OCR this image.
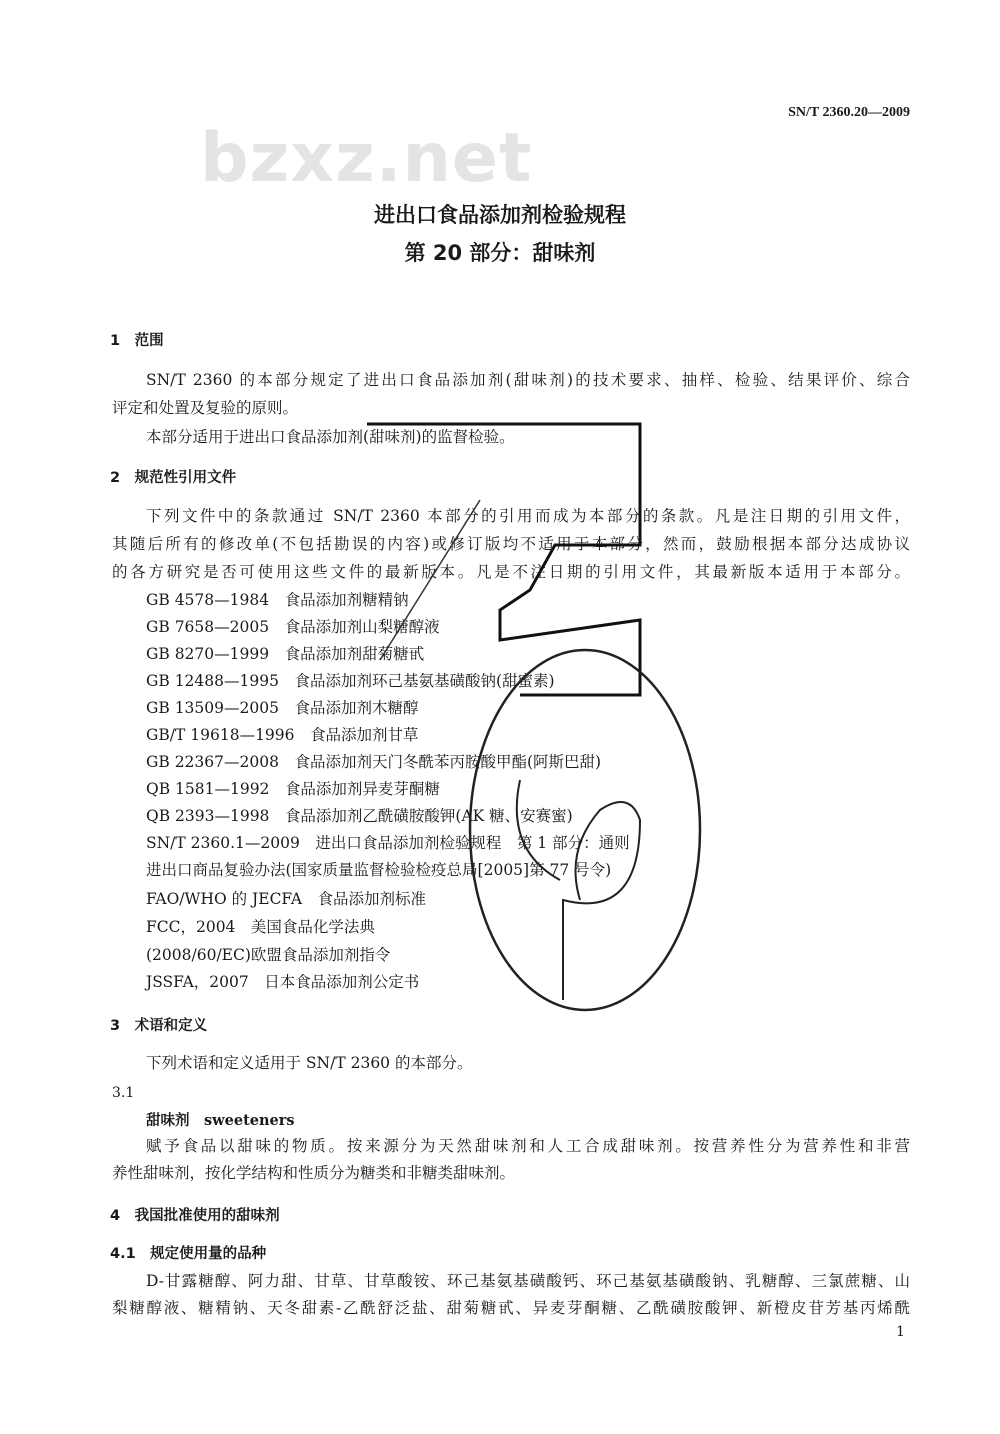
SN/T 2360.20—2009
bzxz.net
进出口食品添加剂检验规程
第 20 部分：甜味剂
1　范围
SN/T 2360 的本部分规定了进出口食品添加剂(甜味剂)的技术要求、抽样、检验、结果评价、综合
评定和处置及复验的原则。
本部分适用于进出口食品添加剂(甜味剂)的监督检验。
2　规范性引用文件
下列文件中的条款通过 SN/T 2360 本部分的引用而成为本部分的条款。凡是注日期的引用文件，
其随后所有的修改单(不包括勘误的内容)或修订版均不适用于本部分，然而，鼓励根据本部分达成协议
的各方研究是否可使用这些文件的最新版本。凡是不注日期的引用文件，其最新版本适用于本部分。
GB 4578—1984　食品添加剂糖精钠
GB 7658—2005　食品添加剂山梨糖醇液
GB 8270—1999　食品添加剂甜菊糖甙
GB 12488—1995　食品添加剂环己基氨基磺酸钠(甜蜜素)
GB 13509—2005　食品添加剂木糖醇
GB/T 19618—1996　食品添加剂甘草
GB 22367—2008　食品添加剂天门冬酰苯丙胺酸甲酯(阿斯巴甜)
QB 1581—1992　食品添加剂异麦芽酮糖
QB 2393—1998　食品添加剂乙酰磺胺酸钾(AK 糖、安赛蜜)
SN/T 2360.1—2009　进出口食品添加剂检验规程　第 1 部分：通则
进出口商品复验办法(国家质量监督检验检疫总局[2005]第 77 号令)
FAO/WHO 的 JECFA　食品添加剂标准
FCC，2004　美国食品化学法典
(2008/60/EC)欧盟食品添加剂指令
JSSFA，2007　日本食品添加剂公定书
3　术语和定义
下列术语和定义适用于 SN/T 2360 的本部分。
3.1
甜味剂　sweeteners
赋予食品以甜味的物质。按来源分为天然甜味剂和人工合成甜味剂。按营养性分为营养性和非营
养性甜味剂，按化学结构和性质分为糖类和非糖类甜味剂。
4　我国批准使用的甜味剂
4.1　规定使用量的品种
D-甘露糖醇、阿力甜、甘草、甘草酸铵、环己基氨基磺酸钙、环己基氨基磺酸钠、乳糖醇、三氯蔗糖、山
梨糖醇液、糖精钠、天冬甜素-乙酰舒泛盐、甜菊糖甙、异麦芽酮糖、乙酰磺胺酸钾、新橙皮苷芳基丙烯酰
1
